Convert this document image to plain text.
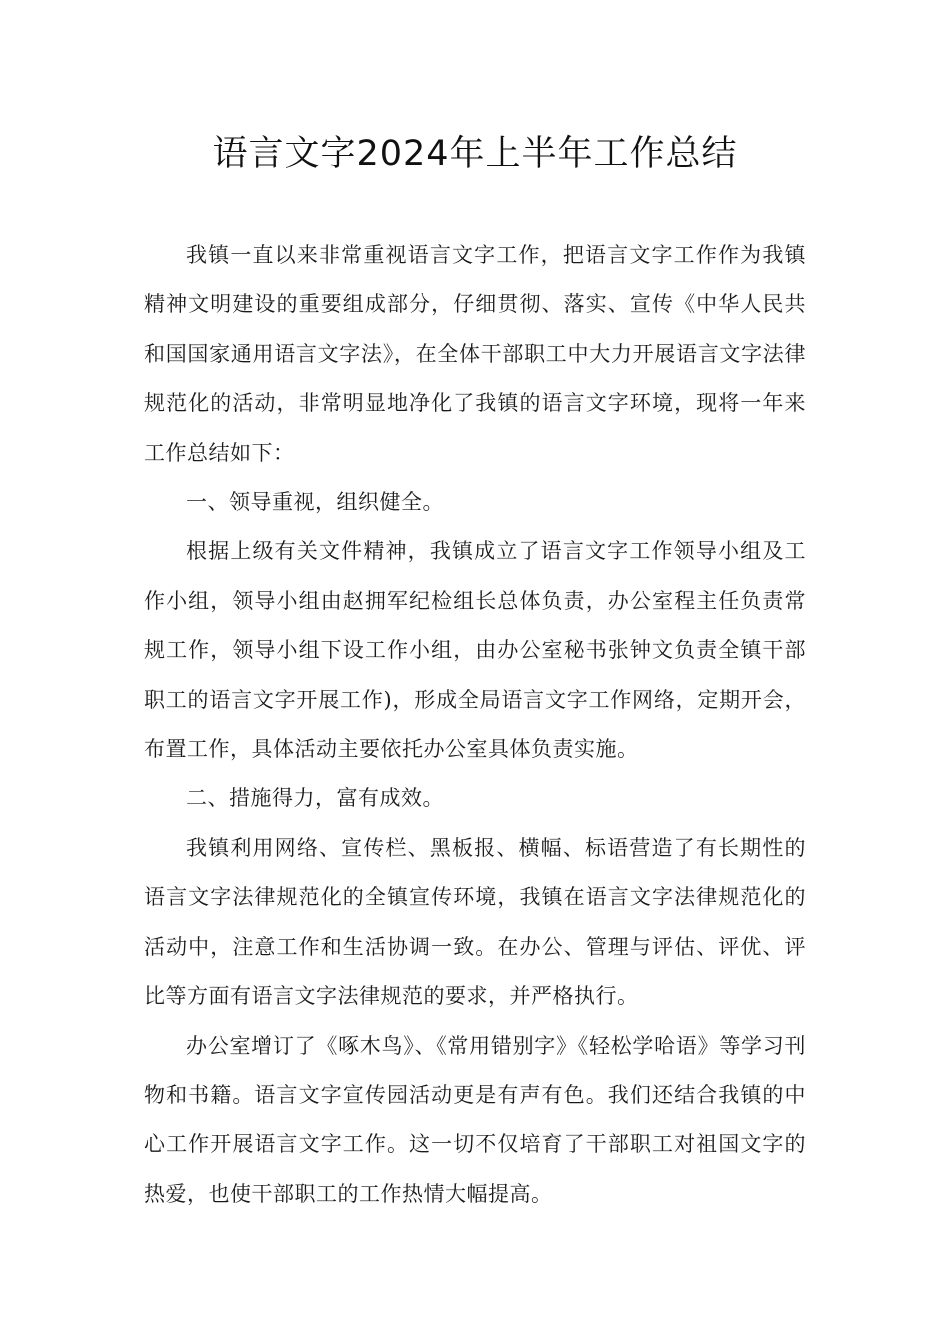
语言文字2024年上半年工作总结

我镇一直以来非常重视语言文字工作，把语言文字工作作为我镇精神文明建设的重要组成部分，仔细贯彻、落实、宣传《中华人民共和国国家通用语言文字法》，在全体干部职工中大力开展语言文字法律规范化的活动，非常明显地净化了我镇的语言文字环境，现将一年来工作总结如下：

一、领导重视，组织健全。

根据上级有关文件精神，我镇成立了语言文字工作领导小组及工作小组，领导小组由赵拥军纪检组长总体负责，办公室程主任负责常规工作，领导小组下设工作小组，由办公室秘书张钟文负责全镇干部职工的语言文字开展工作)，形成全局语言文字工作网络，定期开会，布置工作，具体活动主要依托办公室具体负责实施。

二、措施得力，富有成效。

我镇利用网络、宣传栏、黑板报、横幅、标语营造了有长期性的语言文字法律规范化的全镇宣传环境，我镇在语言文字法律规范化的活动中，注意工作和生活协调一致。在办公、管理与评估、评优、评比等方面有语言文字法律规范的要求，并严格执行。

办公室增订了《啄木鸟》、《常用错别字》《轻松学哈语》等学习刊物和书籍。语言文字宣传园活动更是有声有色。我们还结合我镇的中心工作开展语言文字工作。这一切不仅培育了干部职工对祖国文字的热爱，也使干部职工的工作热情大幅提高。
